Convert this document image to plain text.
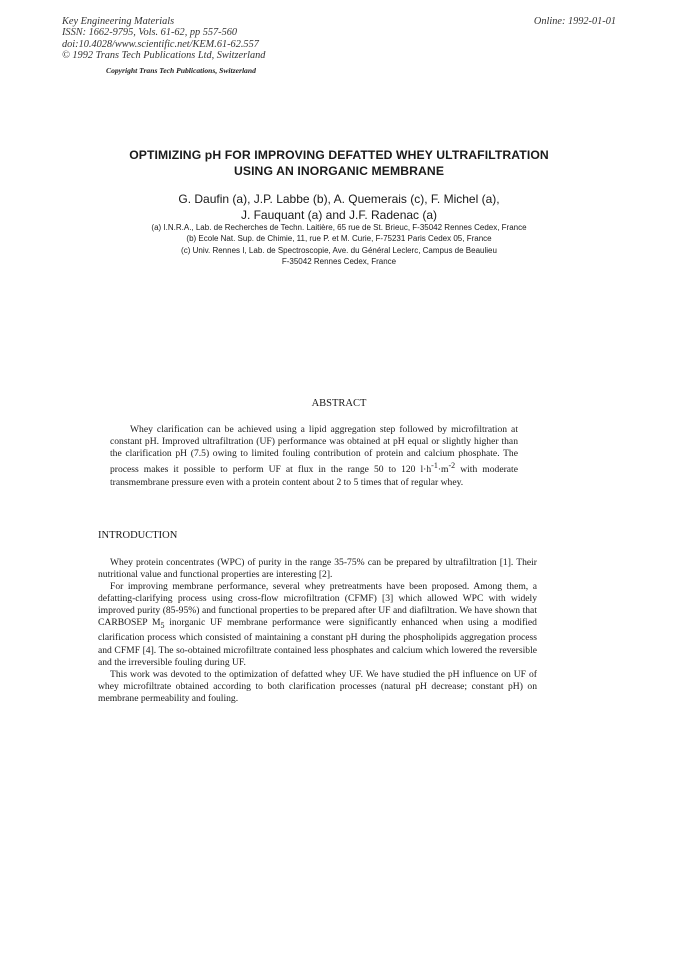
Key Engineering Materials
ISSN: 1662-9795, Vols. 61-62, pp 557-560
doi:10.4028/www.scientific.net/KEM.61-62.557
© 1992 Trans Tech Publications Ltd, Switzerland
Online: 1992-01-01
Copyright Trans Tech Publications, Switzerland
OPTIMIZING pH FOR IMPROVING DEFATTED WHEY ULTRAFILTRATION
USING AN INORGANIC MEMBRANE
G. Daufin (a), J.P. Labbe (b), A. Quemerais (c), F. Michel (a),
J. Fauquant (a) and J.F. Radenac (a)
(a) I.N.R.A., Lab. de Recherches de Techn. Laitière, 65 rue de St. Brieuc, F-35042 Rennes Cedex, France
(b) Ecole Nat. Sup. de Chimie, 11, rue P. et M. Curie, F-75231 Paris Cedex 05, France
(c) Univ. Rennes I, Lab. de Spectroscopie, Ave. du Général Leclerc, Campus de Beaulieu
F-35042 Rennes Cedex, France
ABSTRACT
Whey clarification can be achieved using a lipid aggregation step followed by microfiltration at constant pH. Improved ultrafiltration (UF) performance was obtained at pH equal or slightly higher than the clarification pH (7.5) owing to limited fouling contribution of protein and calcium phosphate. The process makes it possible to perform UF at flux in the range 50 to 120 $l\cdot h^{-1}\cdot m^{-2}$ with moderate transmembrane pressure even with a protein content about 2 to 5 times that of regular whey.
INTRODUCTION

Whey protein concentrates (WPC) of purity in the range 35-75% can be prepared by ultrafiltration [1]. Their nutritional value and functional properties are interesting [2].

For improving membrane performance, several whey pretreatments have been proposed. Among them, a defatting-clarifying process using cross-flow microfiltration (CFMF) [3] which allowed WPC with widely improved purity (85-95%) and functional properties to be prepared after UF and diafiltration. We have shown that CARBOSEP $M_5$ inorganic UF membrane performance were significantly enhanced when using a modified clarification process which consisted of maintaining a constant pH during the phospholipids aggregation process and CFMF [4]. The so-obtained microfiltrate contained less phosphates and calcium which lowered the reversible and the irreversible fouling during UF.

This work was devoted to the optimization of defatted whey UF. We have studied the pH influence on UF of whey microfiltrate obtained according to both clarification processes (natural pH decrease; constant pH) on membrane permeability and fouling.
